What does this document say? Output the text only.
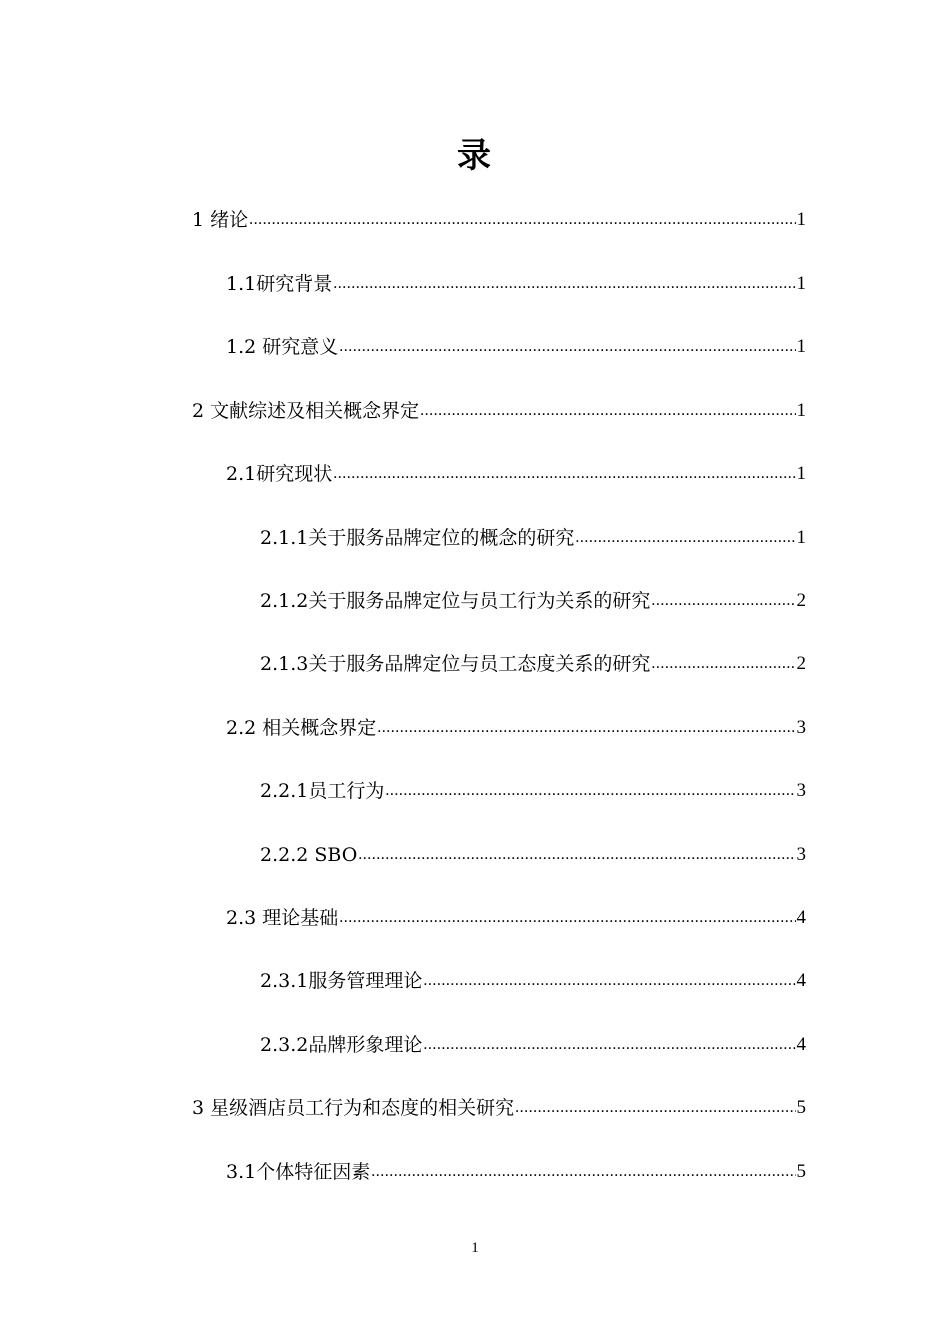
录
1 绪论 .....	1
1.1研究背景 .....	1
1.2 研究意义 .....	1
2 文献综述及相关概念界定 .....	1
2.1研究现状 .....	1
2.1.1关于服务品牌定位的概念的研究 .....	1
2.1.2关于服务品牌定位与员工行为关系的研究 .....	2
2.1.3关于服务品牌定位与员工态度关系的研究 .....	2
2.2 相关概念界定 .....	3
2.2.1员工行为 .....	3
2.2.2 SBO .....	3
2.3 理论基础 .....	4
2.3.1服务管理理论 .....	4
2.3.2品牌形象理论 .....	4
3 星级酒店员工行为和态度的相关研究 .....	5
3.1个体特征因素 .....	5
1
